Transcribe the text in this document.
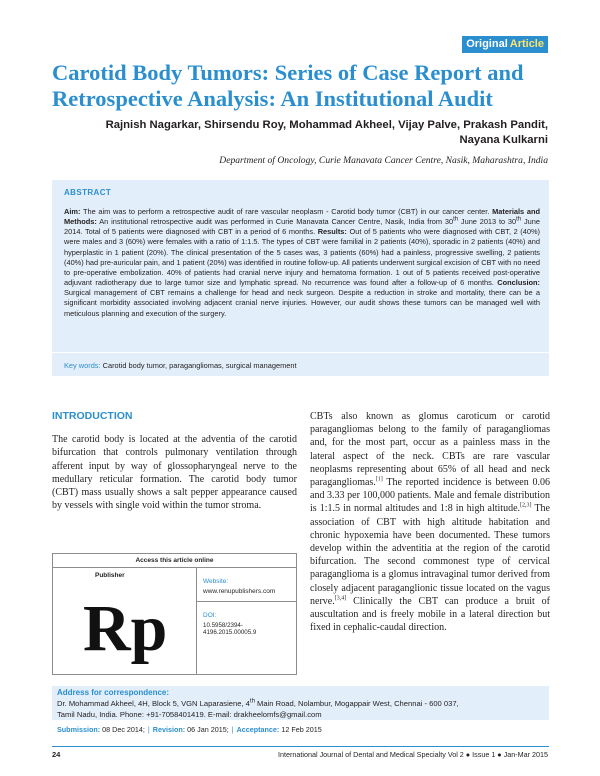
Original Article
Carotid Body Tumors: Series of Case Report and Retrospective Analysis: An Institutional Audit
Rajnish Nagarkar, Shirsendu Roy, Mohammad Akheel, Vijay Palve, Prakash Pandit,
Nayana Kulkarni
Department of Oncology, Curie Manavata Cancer Centre, Nasik, Maharashtra, India
ABSTRACT
Aim: The aim was to perform a retrospective audit of rare vascular neoplasm - Carotid body tumor (CBT) in our cancer center. Materials and Methods: An institutional retrospective audit was performed in Curie Manavata Cancer Centre, Nasik, India from 30th June 2013 to 30th June 2014. Total of 5 patients were diagnosed with CBT in a period of 6 months. Results: Out of 5 patients who were diagnosed with CBT, 2 (40%) were males and 3 (60%) were females with a ratio of 1:1.5. The types of CBT were familial in 2 patients (40%), sporadic in 2 patients (40%) and hyperplastic in 1 patient (20%). The clinical presentation of the 5 cases was, 3 patients (60%) had a painless, progressive swelling, 2 patients (40%) had pre-auricular pain, and 1 patient (20%) was identified in routine follow-up. All patients underwent surgical excision of CBT with no need to pre-operative embolization. 40% of patients had cranial nerve injury and hematoma formation. 1 out of 5 patients received post-operative adjuvant radiotherapy due to large tumor size and lymphatic spread. No recurrence was found after a follow-up of 6 months. Conclusion: Surgical management of CBT remains a challenge for head and neck surgeon. Despite a reduction in stroke and mortality, there can be a significant morbidity associated involving adjacent cranial nerve injuries. However, our audit shows these tumors can be managed well with meticulous planning and execution of the surgery.
Key words: Carotid body tumor, paragangliomas, surgical management
INTRODUCTION

The carotid body is located at the adventia of the carotid bifurcation that controls pulmonary ventilation through afferent input by way of glossopharyngeal nerve to the medullary reticular formation. The carotid body tumor (CBT) mass usually shows a salt pepper appearance caused by vessels with single void within the tumor stroma.

CBTs also known as glomus caroticum or carotid paragangliomas belong to the family of paragangliomas and, for the most part, occur as a painless mass in the lateral aspect of the neck. CBTs are rare vascular neoplasms representing about 65% of all head and neck paragangliomas.[1] The reported incidence is between 0.06 and 3.33 per 100,000 patients. Male and female distribution is 1:1.5 in normal altitudes and 1:8 in high altitude.[2,3] The association of CBT with high altitude habitation and chronic hypoxemia have been documented. These tumors develop within the adventitia at the region of the carotid bifurcation. The second commonest type of cervical paraganglioma is a glomus intravaginal tumor derived from closely adjacent paraganglionic tissue located on the vagus nerve.[3,4] Clinically the CBT can produce a bruit of auscultation and is freely mobile in a lateral direction but fixed in cephalic-caudal direction.

Access this article online
Publisher
Rp
Website:
www.renupublishers.com
DOI:
10.5958/2394-4196.2015.00005.9
Address for correspondence:
Dr. Mohammad Akheel, 4H, Block 5, VGN Laparasiene, 4th Main Road, Nolambur, Mogappair West, Chennai - 600 037,
Tamil Nadu, India. Phone: +91-7058401419. E-mail: drakheelomfs@gmail.com
Submission: 08 Dec 2014; | Revision: 06 Jan 2015; | Acceptance: 12 Feb 2015
24	International Journal of Dental and Medical Specialty Vol 2 ● Issue 1 ● Jan-Mar 2015
